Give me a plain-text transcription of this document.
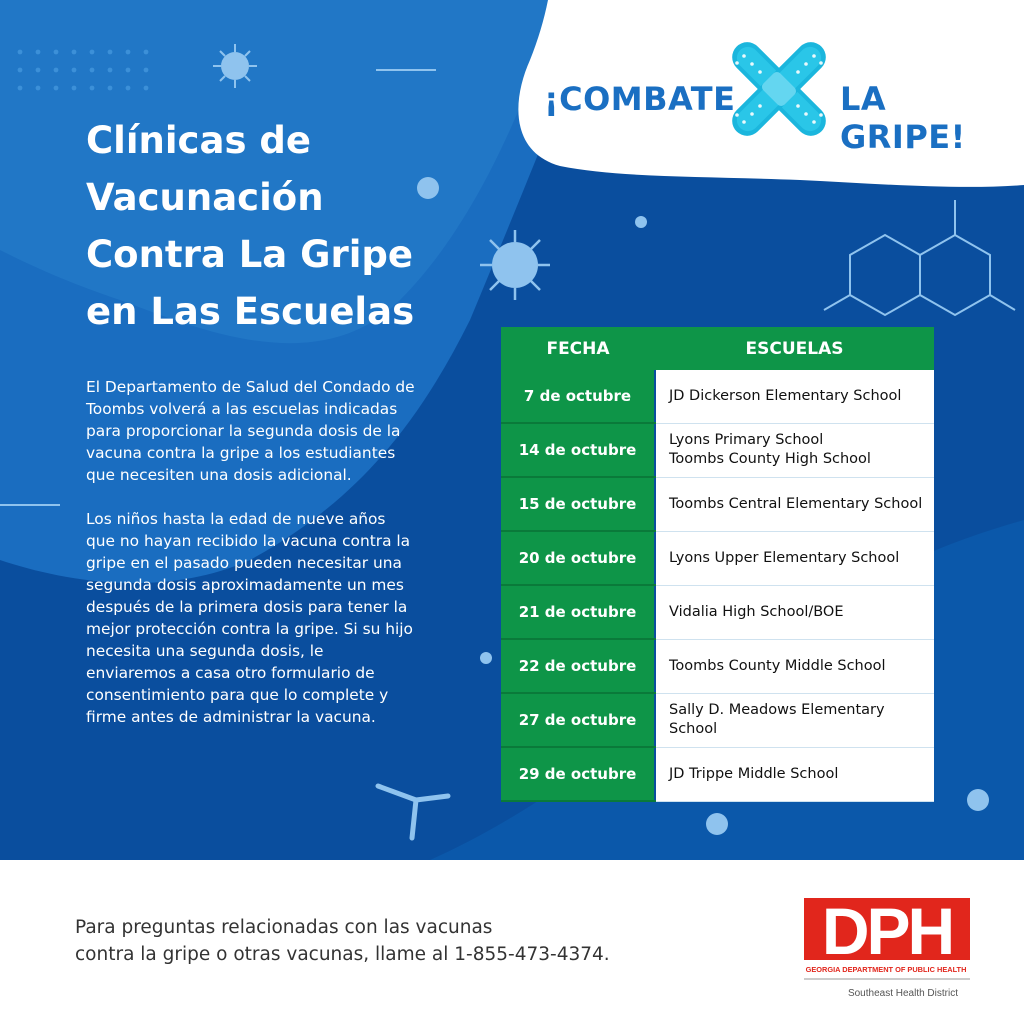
¡COMBATE	LA GRIPE!
Clínicas de
Vacunación
Contra La Gripe
en Las Escuelas

El Departamento de Salud del Condado de Toombs volverá a las escuelas indicadas para proporcionar la segunda dosis de la vacuna contra la gripe a los estudiantes que necesiten una dosis adicional.

Los niños hasta la edad de nueve años que no hayan recibido la vacuna contra la gripe en el pasado pueden necesitar una segunda dosis aproximadamente un mes después de la primera dosis para tener la mejor protección contra la gripe. Si su hijo necesita una segunda dosis, le enviaremos a casa otro formulario de consentimiento para que lo complete y firme antes de administrar la vacuna.

FECHA	ESCUELAS
7 de octubre	JD Dickerson Elementary School

14 de octubre	Lyons Primary School
Toombs County High School

15 de octubre	Toombs Central Elementary School

20 de octubre	Lyons Upper Elementary School

21 de octubre	Vidalia High School/BOE

22 de octubre	Toombs County Middle School

27 de octubre	Sally D. Meadows Elementary
School

29 de octubre	JD Trippe Middle School
Para preguntas relacionadas con las vacunas
contra la gripe o otras vacunas, llame al 1-855-473-4374.	DPH
GEORGIA DEPARTMENT OF PUBLIC HEALTH
Southeast Health District
